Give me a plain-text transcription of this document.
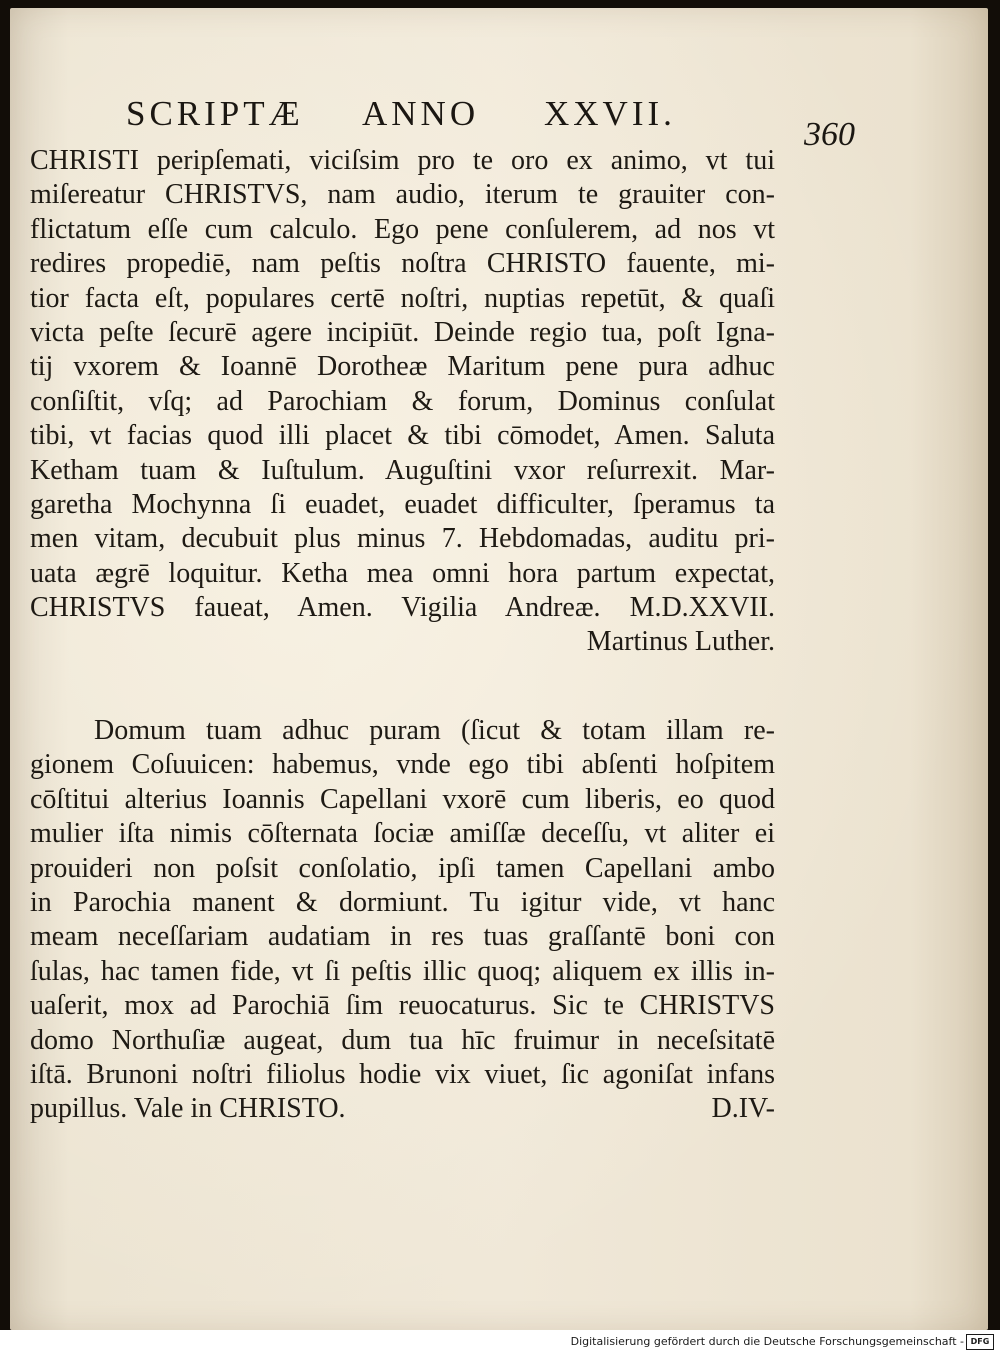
SCRIPTÆ ANNO XXVII.
360
CHRISTI peripſemati, viciſsim pro te oro ex animo, vt tui
miſereatur CHRISTVS, nam audio, iterum te grauiter con-
flictatum eſſe cum calculo. Ego pene conſulerem, ad nos vt
redires propediē, nam peſtis noſtra CHRISTO fauente, mi-
tior facta eſt, populares certē noſtri, nuptias repetūt, & quaſi
victa peſte ſecurē agere incipiūt. Deinde regio tua, poſt Igna-
tij vxorem & Ioannē Dorotheæ Maritum pene pura adhuc
conſiſtit, vſq; ad Parochiam & forum, Dominus conſulat
tibi, vt facias quod illi placet & tibi cōmodet, Amen. Saluta
Ketham tuam & Iuſtulum. Auguſtini vxor reſurrexit. Mar-
garetha Mochynna ſi euadet, euadet difficulter, ſperamus ta
men vitam, decubuit plus minus 7. Hebdomadas, auditu pri-
uata ægrē loquitur. Ketha mea omni hora partum expectat,
CHRISTVS faueat, Amen. Vigilia Andreæ. M.D.XXVII.
Martinus Luther.
Domum tuam adhuc puram (ſicut & totam illam re-
gionem Coſuuicen: habemus, vnde ego tibi abſenti hoſpitem
cōſtitui alterius Ioannis Capellani vxorē cum liberis, eo quod
mulier iſta nimis cōſternata ſociæ amiſſæ deceſſu, vt aliter ei
prouideri non poſsit conſolatio, ipſi tamen Capellani ambo
in Parochia manent & dormiunt. Tu igitur vide, vt hanc
meam neceſſariam audatiam in res tuas graſſantē boni con
ſulas, hac tamen fide, vt ſi peſtis illic quoq; aliquem ex illis in-
uaſerit, mox ad Parochiā ſim reuocaturus. Sic te CHRISTVS
domo Northuſiæ augeat, dum tua hīc fruimur in neceſsitatē
iſtā. Brunoni noſtri filiolus hodie vix viuet, ſic agoniſat infans
pupillus. Vale in CHRISTO.	D.IV-
Digitalisierung gefördert durch die Deutsche Forschungsgemeinschaft - DFG
